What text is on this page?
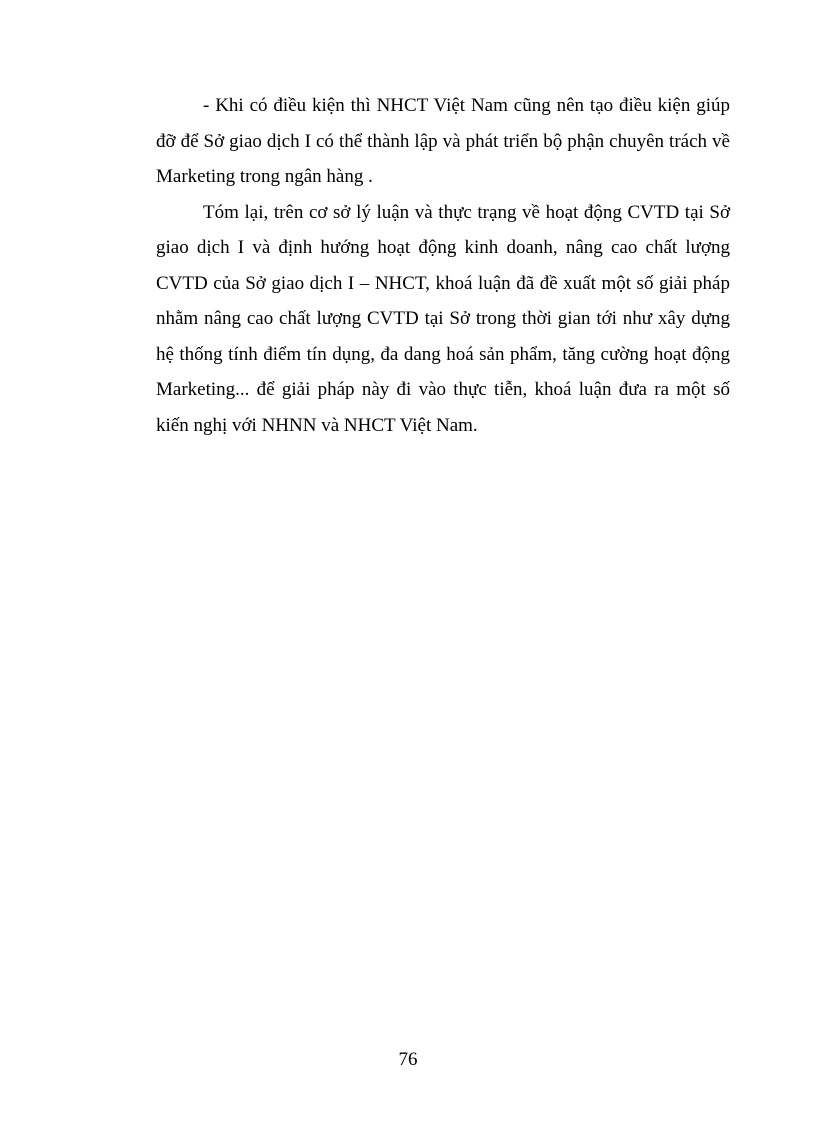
- Khi có điều kiện thì NHCT Việt Nam cũng nên tạo điều kiện giúp đỡ để Sở giao dịch I có thể thành lập và phát triển bộ phận chuyên trách về Marketing trong ngân hàng .

Tóm lại, trên cơ sở lý luận và thực trạng về hoạt động CVTD tại Sở giao dịch I và định hướng hoạt động kinh doanh, nâng cao chất lượng CVTD của Sở giao dịch I – NHCT, khoá luận đã đề xuất một số giải pháp nhằm nâng cao chất lượng CVTD tại Sở trong thời gian tới như xây dựng hệ thống tính điểm tín dụng, đa dang hoá sản phẩm, tăng cường hoạt động Marketing... để giải pháp này đi vào thực tiễn, khoá luận đưa ra một số kiến nghị với NHNN và NHCT Việt Nam.

76
